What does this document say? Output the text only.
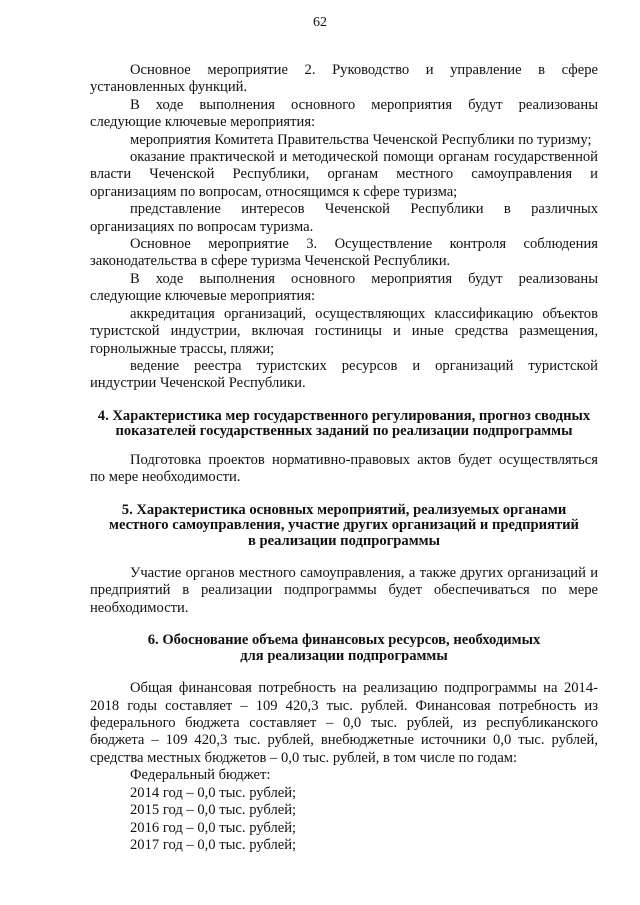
62

Основное мероприятие 2. Руководство и управление в сфере установленных функций.

В ходе выполнения основного мероприятия будут реализованы следующие ключевые мероприятия:

мероприятия Комитета Правительства Чеченской Республики по туризму;

оказание практической и методической помощи органам государственной власти Чеченской Республики, органам местного самоуправления и организациям по вопросам, относящимся к сфере туризма;

представление интересов Чеченской Республики в различных организациях по вопросам туризма.

Основное мероприятие 3. Осуществление контроля соблюдения законодательства в сфере туризма Чеченской Республики.

В ходе выполнения основного мероприятия будут реализованы следующие ключевые мероприятия:

аккредитация организаций, осуществляющих классификацию объектов туристской индустрии, включая гостиницы и иные средства размещения, горнолыжные трассы, пляжи;

ведение реестра туристских ресурсов и организаций туристской индустрии Чеченской Республики.

4. Характеристика мер государственного регулирования, прогноз сводных

показателей государственных заданий по реализации подпрограммы

Подготовка проектов нормативно-правовых актов будет осуществляться по мере необходимости.

5. Характеристика основных мероприятий, реализуемых органами

местного самоуправления, участие других организаций и предприятий

в реализации подпрограммы

Участие органов местного самоуправления, а также других организаций и предприятий в реализации подпрограммы будет обеспечиваться по мере необходимости.

6. Обоснование объема финансовых ресурсов, необходимых

для реализации подпрограммы

Общая финансовая потребность на реализацию подпрограммы на 2014-2018 годы составляет – 109 420,3 тыс. рублей. Финансовая потребность из федерального бюджета составляет – 0,0 тыс. рублей, из республиканского бюджета – 109 420,3 тыс. рублей, внебюджетные источники 0,0 тыс. рублей, средства местных бюджетов – 0,0 тыс. рублей, в том числе по годам:

Федеральный бюджет:

2014 год – 0,0 тыс. рублей;

2015 год – 0,0 тыс. рублей;

2016 год – 0,0 тыс. рублей;

2017 год – 0,0 тыс. рублей;
